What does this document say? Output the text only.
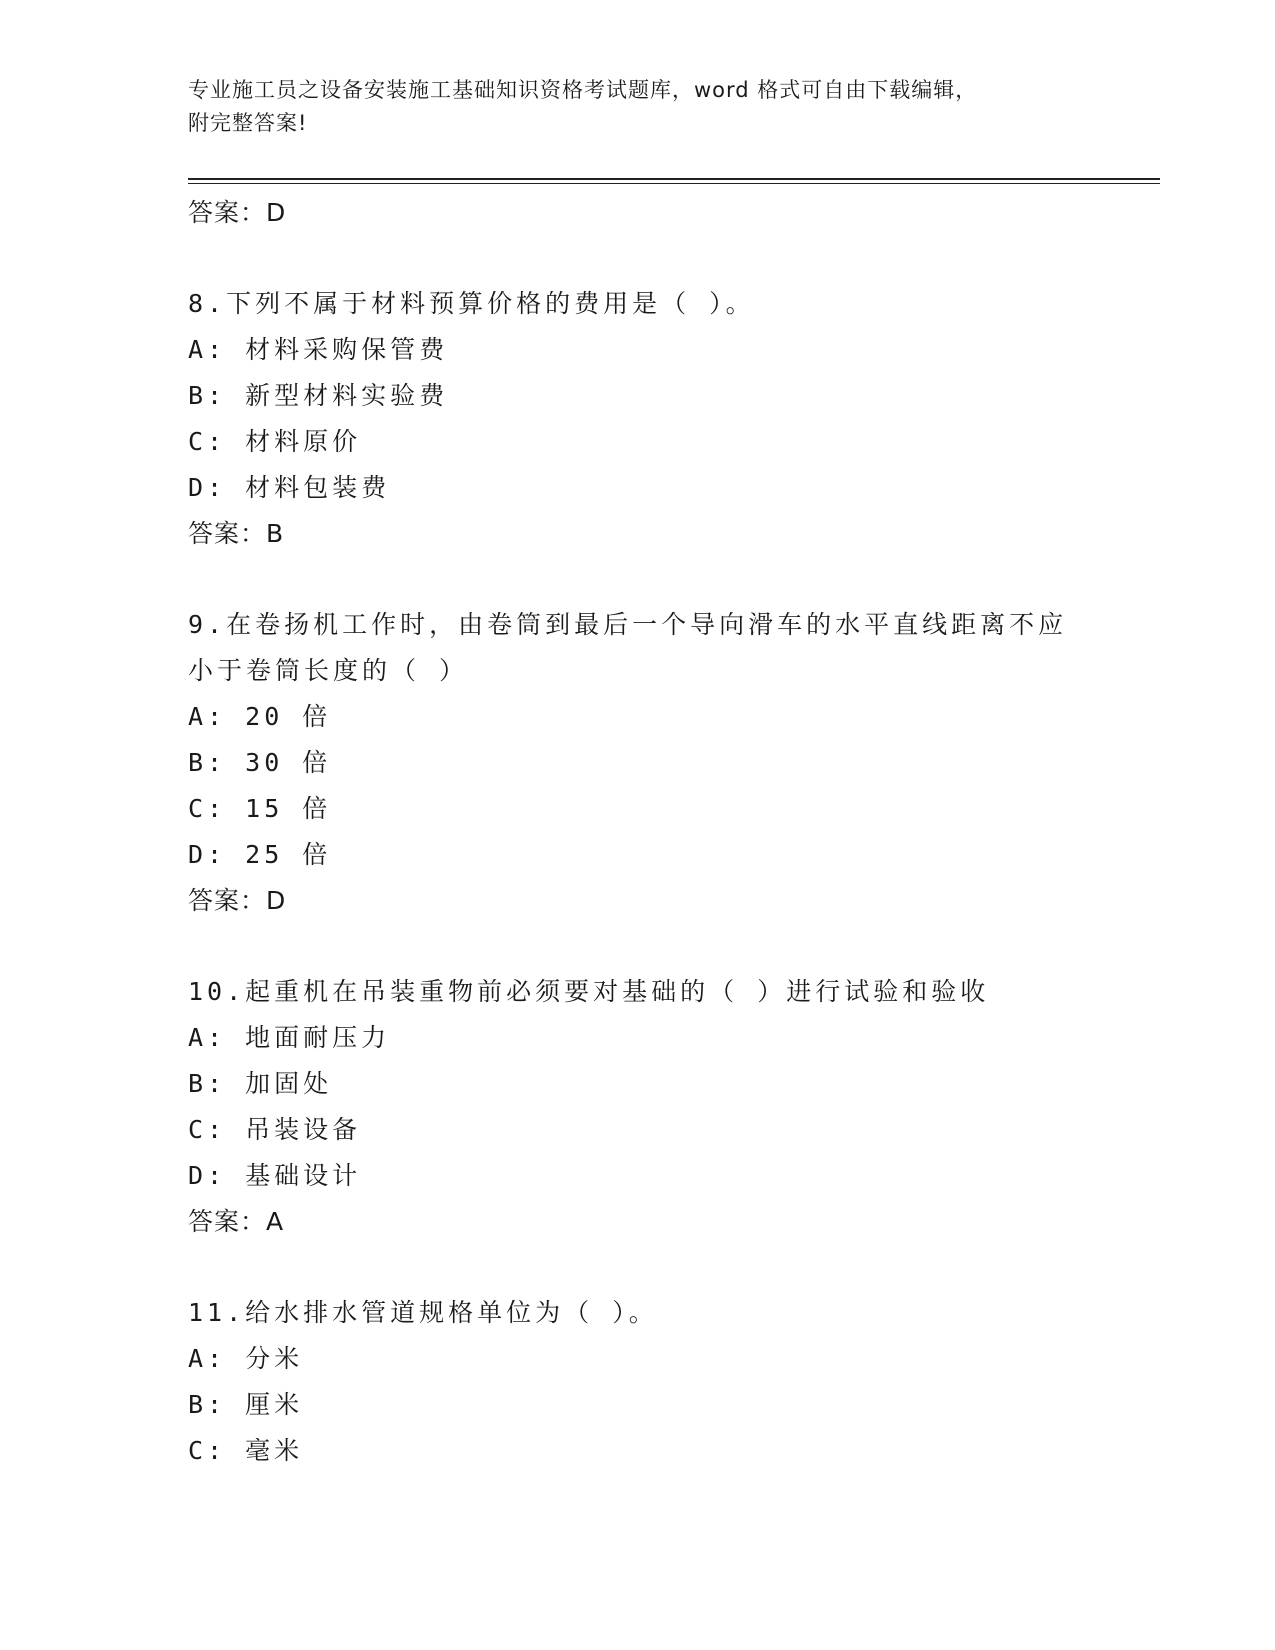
专业施工员之设备安装施工基础知识资格考试题库，word 格式可自由下载编辑，
附完整答案!
答案：D
8.下列不属于材料预算价格的费用是（ ）。
A: 材料采购保管费
B: 新型材料实验费
C: 材料原价
D: 材料包装费
答案：B
9.在卷扬机工作时，由卷筒到最后一个导向滑车的水平直线距离不应
小于卷筒长度的（ ）
A: 20 倍
B: 30 倍
C: 15 倍
D: 25 倍
答案：D
10.起重机在吊装重物前必须要对基础的（ ）进行试验和验收
A: 地面耐压力
B: 加固处
C: 吊装设备
D: 基础设计
答案：A
11.给水排水管道规格单位为（ ）。
A: 分米
B: 厘米
C: 毫米
